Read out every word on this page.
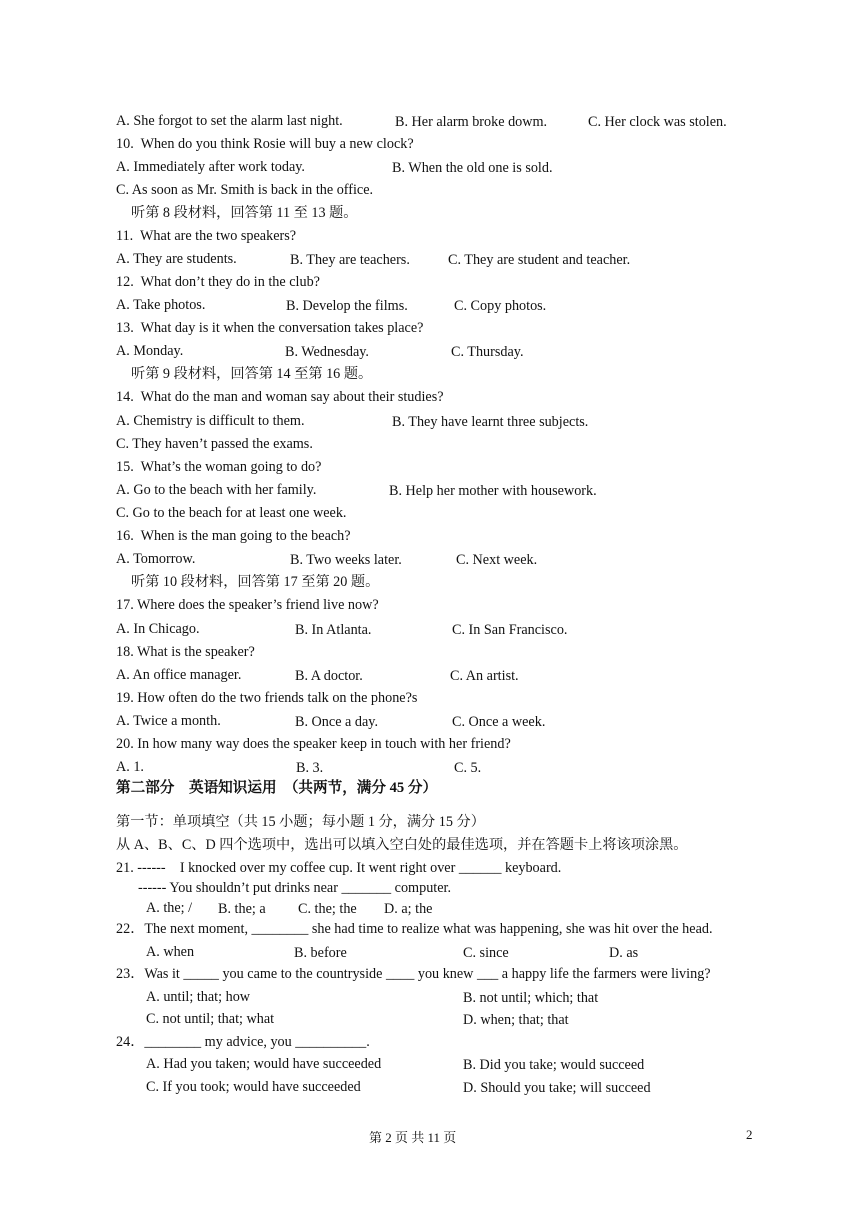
A. She forgot to set the alarm last night.	B. Her alarm broke dowm.	C. Her clock was stolen.
10.  When do you think Rosie will buy a new clock?
A. Immediately after work today.	B. When the old one is sold.
C. As soon as Mr. Smith is back in the office.
听第 8 段材料，回答第 11 至 13 题。
11.  What are the two speakers?
A. They are students.	B. They are teachers.	C. They are student and teacher.
12.  What don’t they do in the club?
A. Take photos.	B. Develop the films.	C. Copy photos.
13.  What day is it when the conversation takes place?
A. Monday.	B. Wednesday.	C. Thursday.
听第 9 段材料，回答第 14 至第 16 题。
14.  What do the man and woman say about their studies?
A. Chemistry is difficult to them.	B. They have learnt three subjects.
C. They haven’t passed the exams.
15.  What’s the woman going to do?
A. Go to the beach with her family.	B. Help her mother with housework.
C. Go to the beach for at least one week.
16.  When is the man going to the beach?
A. Tomorrow.	B. Two weeks later.	C. Next week.
听第 10 段材料，回答第 17 至第 20 题。
17. Where does the speaker’s friend live now?
A. In Chicago.	B. In Atlanta.	C. In San Francisco.
18. What is the speaker?
A. An office manager.	B. A doctor.	C. An artist.
19. How often do the two friends talk on the phone?s
A. Twice a month.	B. Once a day.	C. Once a week.
20. In how many way does the speaker keep in touch with her friend?
A. 1.	B. 3.	C. 5.
第二部分    英语知识运用  （共两节，满分 45 分）
第一节：单项填空（共 15 小题；每小题 1 分，满分 15 分）
从 A、B、C、D 四个选项中，选出可以填入空白处的最佳选项，并在答题卡上将该项涂黑。
21. ------    I knocked over my coffee cup. It went right over ______ keyboard.
------ You shouldn’t put drinks near _______ computer.
A. the; / B. the; a C. the; the D. a; the
22．The next moment, ________ she had time to realize what was happening, she was hit over the head.
A. when	B. before	C. since	D. as
23．Was it _____ you came to the countryside ____ you knew ___ a happy life the farmers were living?
A. until; that; how	B. not until; which; that
C. not until; that; what	D. when; that; that
24．________ my advice, you __________.
A. Had you taken; would have succeeded	B. Did you take; would succeed
C. If you took; would have succeeded	D. Should you take; will succeed
第 2 页 共 11 页	2
